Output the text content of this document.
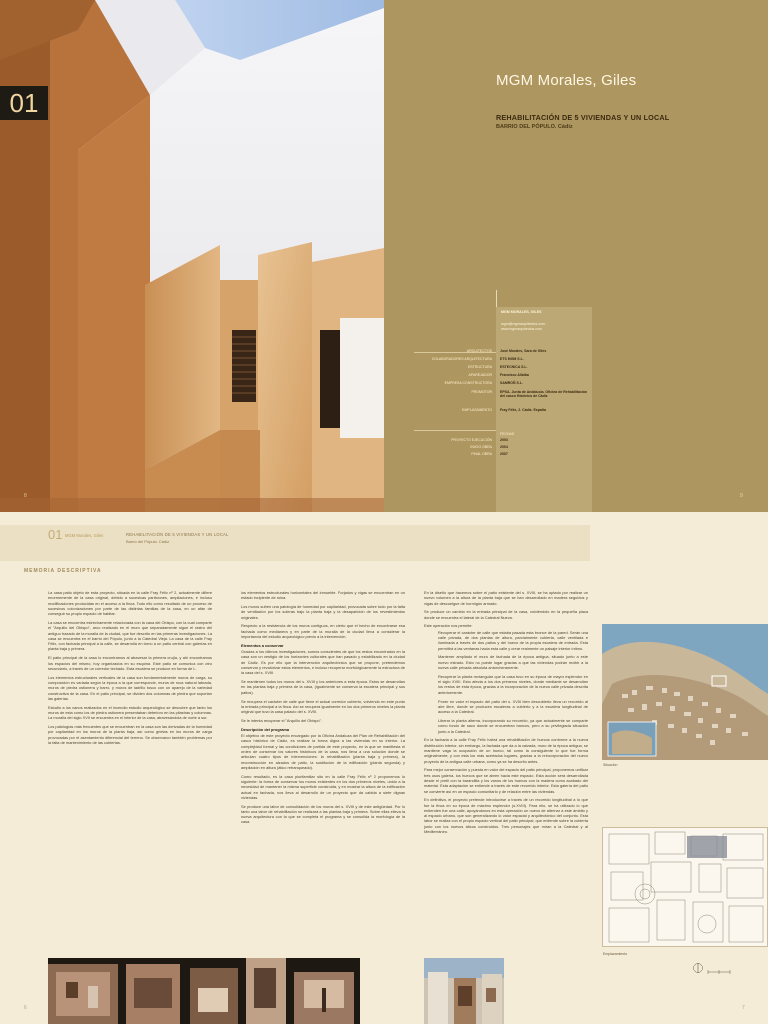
01
8
MGM Morales, Giles
REHABILITACIÓN DE 5 VIVIENDAS Y UN LOCAL
BARRIO DEL PÓPULO. Cádiz
MGM MORALES, GILES
mgm@mgmarquitectos.com · www.mgmarquitectos.com
ARQUITECTOS José Morales, Sara de Giles
COLABORADORES ARQUITECTURA ETS MGM S.L.
ESTRUCTURA ESTECNICA S.L.
APAREJADOR Francisco Allalba
EMPRESA CONSTRUCTORA SAMROÑ S.L.
PROMOTOR EPSA. Junta de Andalucía. Oficina de Rehabilitación del casco Histórico de Cádiz
EMPLAZAMIENTO Fray Félix, 2. Cádiz. España
FECHAS
PROYECTO EJECUCIÓN 2003
INICIO OBRA 2004
FINAL OBRA 2007
9
01 MGM Morales, Giles	REHABILITACIÓN DE 5 VIVIENDAS Y UN LOCAL
Barrio del Pópulo. Cádiz
MEMORIA DESCRIPTIVA

La casa patio objeto de esta proyecto, situada en la calle Fray Félix nº 2, actualmente difiere enormemente de la casa original, debido a sucesivas particiones, ampliaciones, e incluso modificaciones producidas en el acceso a la finca. Todo ello como resultado de un proceso de sucesivos colonizaciones por parte de las distintas familias de la casa, en un afán de conseguir su propio espacio de habitar.

La casa se encuentra estrechamente relacionada con la casa del Obispo, con la cual comparte el "Arquillo del Obispo", arco realizado en el muro que separadamente sigue el rastro del antiguo trazado de la muralla de la ciudad, que fue descrito en las primeras investigaciones. La casa se encuentra en el barrio del Pópulo, junto a la Catedral Vieja. La casa de la calle Fray Félix, con fachada principal a la calle, se desarrolla en torno a un patio central con galerías en planta baja y primera.

El patio principal de la casa lo encontramos al atravesar la primera crujía, y ahí encontramos los espacios del mismo, hoy organizados en su esquina. Este patio se comunica con otro secundario, a través de un corredor techado. Esta escalera se produce en forma de L.

Los elementos estructurales verticales de la casa son fundamentalmente muros de carga, su composición es variada según la época a la que corresponde, muros de roca natural labrada, muros de piedra ostionera y barro, y muros de ladrillo tosco con un aparejo de la variedad constructiva de la casa. En el patio principal, se dividen dos columnas de piedra que soportan las galerías.

Estudio a los vanos realizados en el incendio estudio arqueológico se descubre que tanto los muros de esta como los de piedra ostionera presentaban deterioro en las pilastras y columnas. La muralla del siglo XVII se encuentra en el interior de la casa, atravesándola de norte a sur.

Los patologías más frecuentes que se encuentran en la casa son las derivadas de la humedad por capilaridad en los muros de la planta baja, así como grietas en los muros de carga provocadas por el asentamiento diferencial del terreno. Se observaron también problemas por la falta de mantenimiento de las cubiertas.

los elementos estructurales horizontales del inmueble. Forjados y vigas se encuentran en un estado incipiente de ruina.

Los muros sufren una patología de humedad por capilaridad, provocada sobre todo por la falta de ventilación por los soleras bajo la planta baja y la desaparición de los revestimientos originales.

Respecto a la resistencia de los muros contiguos, en cierto que el hecho de encontrarse esa fachada como medianera y en parte de la muralla de la ciudad lleva a considerar la importancia del estudio arqueológico previo a la intervención.

Elementos a conservar

Gracias a los últimos investigaciones, somos conscientes de que los restos encontrados en la casa son un vestigio de los horizontes culturales que han pasado y estabilizado en la ciudad de Cádiz. Es por ello que la intervención arquitectónica que se propone, pretendemos conservar y revalorizar estos elementos, e incluso recuperar morfológicamente la estructura de la casa del s. XVIII.

Se mantienen todos los muros del s. XVIII y los anteriores a esta época. Estos se desarrollan en las plantas baja y primera de la casa, (igualmente se conserva la escalera principal y sus patios).

Se recupera el carácter de calle que tiene el actual corredor cubierto, volviendo en este punto la entrada principal a la finca. Así se recupera igualmente en los dos primeros niveles la planta original que tuvo la casa palacio del s. XVIII.

Se le intenta recuperar el "Arquillo del Obispo".

Descripción del programa

El objetivo de este proyecto encargado por la Oficina Andaluza del Plan de Rehabilitación del casco histórico de Cádiz, es realizar la forma digna a las viviendas en su interior. La complejidad formal y las condiciones de partida de este proyecto, en la que se manifiesta el orden de conservar los valores históricos de la casa, nos lleva a una solución donde se articulan cuatro tipos de intervenciones: la rehabilitación (planta baja y primera), la reconstrucción en alzados de patio, la sustitución de la edificación (planta segunda) y ampliación en altura (ático retranqueado).

Como resultado, es la casa plurifamiliar sito en la calle Fray Félix nº 2 proponemos lo siguiente: la forma de conservar los muros existentes en los dos primeros niveles, unido a la necesidad de mantener la misma superficie construida, y en mostrar la altura de la edificación actual en fachada, nos lleva al desarrollo de un proyecto que da cabida a siete dignas viviendas.

Se produce una labor de consolidación de los muros del s. XVIII y de este antigüedad. Por lo tanto una labor de rehabilitación se realizará a las plantas baja y primera. Sobre ellas elleva la nueva arquitectura con la que se completa el programa y se consolida la morfología de la casa.

En la diseño que hacemos sobre el patio existente del s. XVIII, se ha optado por realizar un nuevo volumen a la altura de la planta baja que se han desarrollado en madera seguidos y vigas de descuelgue de hormigón armado.

Se produce un cambio en la entrada principal de la casa, volviéndolo en la pequeña plaza donde se encuentra el lateral de la Catedral Nueva.

Este operación nos permite:

Recuperar el carácter de calle que estaba pasada esta bronce de la pared. Serán una calle privada, de dos plantas de altura, parcialmente cubierta, calle ventilada e iluminada a través de dos patios y del hueco de la propia escalera de entrada. Esta permitirá a las ventanas hacia esta calle y crear realmente un paisaje interior íntimo.

Mantener ampliado el muro de fachada de la época antigua, situado junto a este nuevo estrado. Esto no puede lugar gracias a que las viviendas podrán recibir a la nueva calle privada absoluta antorcheramente.

Recuperar la planta rectangular que la casa tuvo en su época de mayor esplendor en el siglo XVIII. Esto afecta a los dos primeros niveles, donde mediante se desarrollan los restos de esta época, gracias a la incorporación de la nueva calle privada descrita anteriormente.

Poner en valor el espacio del patio del s. XVIII bien descubierto lleva un recorrido al aire libre, donde se producen escaleras a cubierto y a la escalera longitudinal de acceso a la Catedral.

Liberar la planta alterna, incorporando su recorrido, ya que actualmente se comparte como fondo de saco donde se encuentran bancos, pero a su privilegiada situación junto a la Catedral.

En la fachada a la calle Fray Félix habrá una rehabilitación de huecos conforme a la nueva distribución interior, sin embargo, la fachada que da a la calzada, muro de la época antigua, se mantiene vaga la ocupación de un hueco, tal como la consiguiente lo que fue forma originalmente; y con esta los más acertados lugares, gracias a la reincorporación del nuevo proyecto de la antigua calle urbana, como ya se ha descrito antes.

Para mejor conservación y puesta en valor del espacio del patio principal, proponemos unificar tres usos galería, los huecos que se abren hacia este espacio. Esta acción será desarrollada desde el pretil con la barandilla y los vanos de los huecos con la madera como acabado del material. Esta adaptación se entiende a través de este recorrido interior. Esta galería del patio se convierte así en un espacio comunitario y de relación entre las viviendas.

En definitiva, el proyecto pretende introducirse a través de un recorrido longitudinal a lo que fue la finca en su época de máximo esplendor (s.XVIII). Para ello, se ha utilizado lo que entienden fue una calle, apoyándonos en esta operación un nuevo de alternar a este ámbito y al espacio urbano, que son generalizando lo valor espacial y arquitectónico del conjunto. Esta labor se realiza con el propio espacio vertical del patio principal, que entiende sobre la cubierta junto con los nuevos áticos construidos. Tres personajes que miran a la Catedral y al Mediterráneo.

Situación
Emplazamiento
6	7
